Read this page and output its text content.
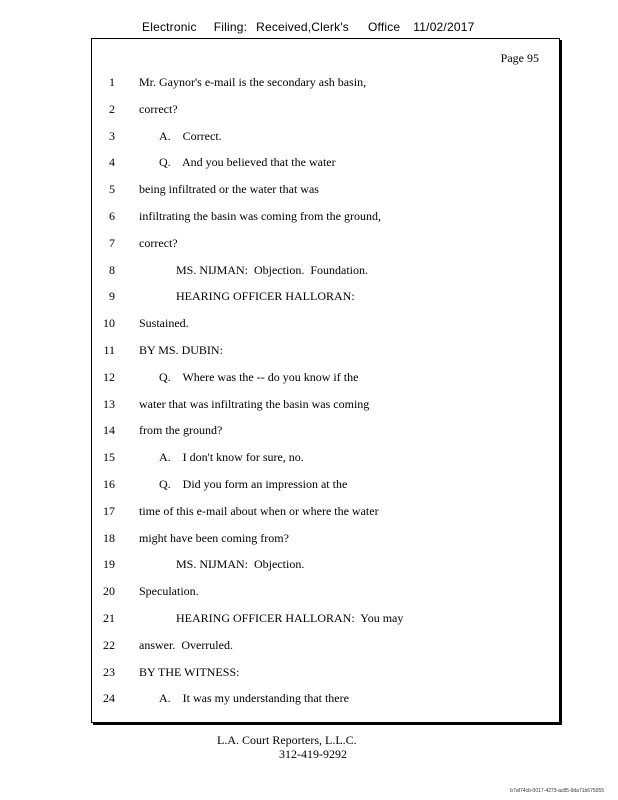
Electronic Filing: Received,Clerk's Office 11/02/2017
Page 95
1 Mr. Gaynor's e-mail is the secondary ash basin,
2 correct?
3	A.    Correct.
4	Q.    And you believed that the water
5 being infiltrated or the water that was
6 infiltrating the basin was coming from the ground,
7 correct?
8	MS. NIJMAN:  Objection.  Foundation.
9	HEARING OFFICER HALLORAN:
10 Sustained.
11 BY MS. DUBIN:
12	Q.    Where was the -- do you know if the
13 water that was infiltrating the basin was coming
14 from the ground?
15	A.    I don't know for sure, no.
16	Q.    Did you form an impression at the
17 time of this e-mail about when or where the water
18 might have been coming from?
19	MS. NIJMAN:  Objection.
20 Speculation.
21	HEARING OFFICER HALLORAN:  You may
22 answer.  Overruled.
23 BY THE WITNESS:
24	A.    It was my understanding that there
L.A. Court Reporters, L.L.C.
312-419-9292
b7af74cb-0017-4273-ac85-9da71b675055
